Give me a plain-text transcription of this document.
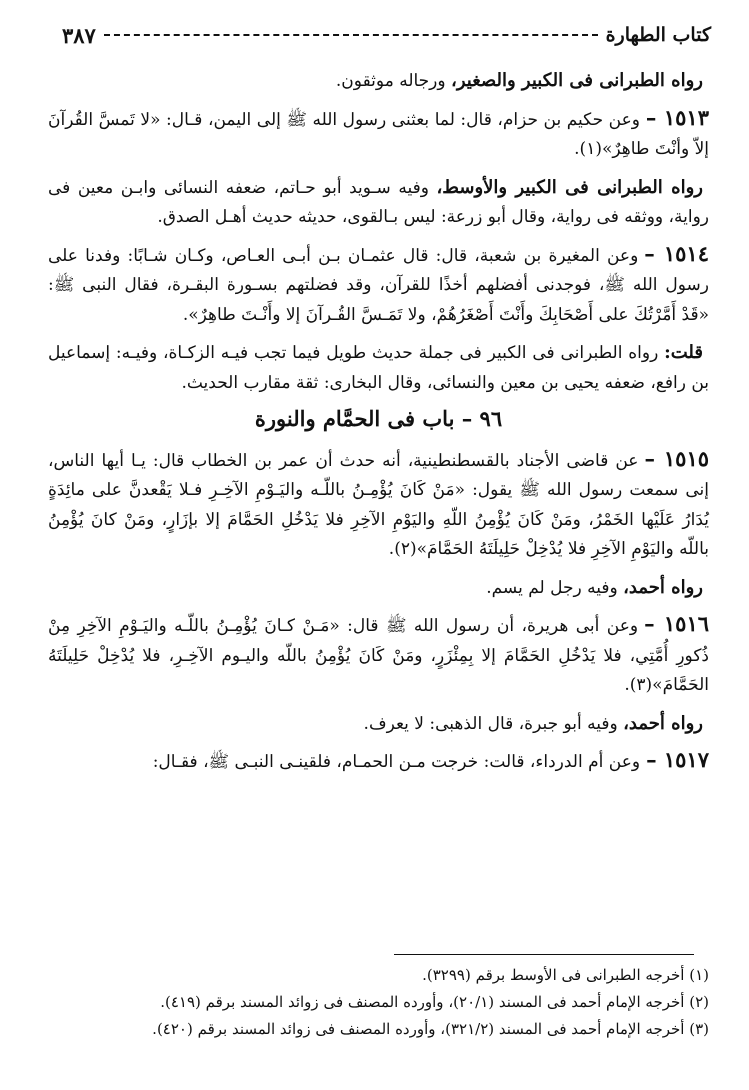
كتاب الطهارة
٣٨٧

رواه الطبرانى فى الكبير والصغير، ورجاله موثقون.

١٥١٣ –وعن حكيم بن حزام، قال: لما بعثنى رسول الله ﷺ إلى اليمن، قـال: «لا تَمسَّ القُرآنَ إلاّ وأنْتَ طاهِرٌ»(١).

رواه الطبرانى فى الكبير والأوسط، وفيه سـويد أبو حـاتم، ضعفه النسائى وابـن معين فى رواية، ووثقه فى رواية، وقال أبو زرعة: ليس بـالقوى، حديثه حديث أهـل الصدق.

١٥١٤ –وعن المغيرة بن شعبة، قال: قال عثمـان بـن أبـى العـاص، وكـان شـابًا: وفدنا على رسول الله ﷺ، فوجدنى أفضلهم أخذًا للقرآن، وقد فضلتهم بسـورة البقـرة، فقال النبى ﷺ: «قَدْ أَمَّرْتُكَ على أَصْحَابِكَ وأَنْتَ أَصْغَرُهُمْ، ولا تَمَـسَّ القُـرآنَ إلا وأَنْـتَ طاهِرٌ».

قلت: رواه الطبرانى فى الكبير فى جملة حديث طويل فيما تجب فيـه الزكـاة، وفيـه: إسماعيل بن رافع، ضعفه يحيى بن معين والنسائى، وقال البخارى: ثقة مقارب الحديث.

٩٦ – باب فى الحمَّام والنورة

١٥١٥ –عن قاضى الأجناد بالقسطنطينية، أنه حدث أن عمر بن الخطاب قال: يـا أيها الناس، إنى سمعت رسول الله ﷺ يقول: «مَنْ كَانَ يُؤْمِـنُ باللّـه واليَـوْمِ الآخِـرِ فـلا يَقْعدنَّ على مائِدَةٍ يُدَارُ عَلَيْها الخَمْرُ، ومَنْ كَانَ يُؤْمِنُ اللّهِ واليَوْمِ الآخِرِ فلا يَدْخُلِ الحَمَّامَ إلا بإزَارٍ، ومَنْ كانَ يُؤْمِنُ باللّه واليَوْمِ الآخِرِ فلا يُدْخِلْ حَلِيلَتَهُ الحَمَّامَ»(٢).

رواه أحمد، وفيه رجل لم يسم.

١٥١٦ –وعن أبى هريرة، أن رسول الله ﷺ قال: «مَـنْ كـانَ يُؤْمِـنُ باللّـه واليَـوْمِ الآخِرِ مِنْ ذُكورِ أُمَّتِي، فلا يَدْخُلِ الحَمَّامَ إلا بِمِئْزَرٍ، ومَنْ كَانَ يُؤْمِنُ باللّه واليـوم الآخِـرِ، فلا يُدْخِلْ حَلِيلَتَهُ الحَمَّامَ»(٣).

رواه أحمد، وفيه أبو جبرة، قال الذهبى: لا يعرف.

١٥١٧ –وعن أم الدرداء، قالت: خرجت مـن الحمـام، فلقينـى النبـى ﷺ، فقـال:

(١) أخرجه الطبرانى فى الأوسط برقم (٣٢٩٩).
(٢) أخرجه الإمام أحمد فى المسند (٢٠/١)، وأورده المصنف فى زوائد المسند برقم (٤١٩).
(٣) أخرجه الإمام أحمد فى المسند (٣٢١/٢)، وأورده المصنف فى زوائد المسند برقم (٤٢٠).
